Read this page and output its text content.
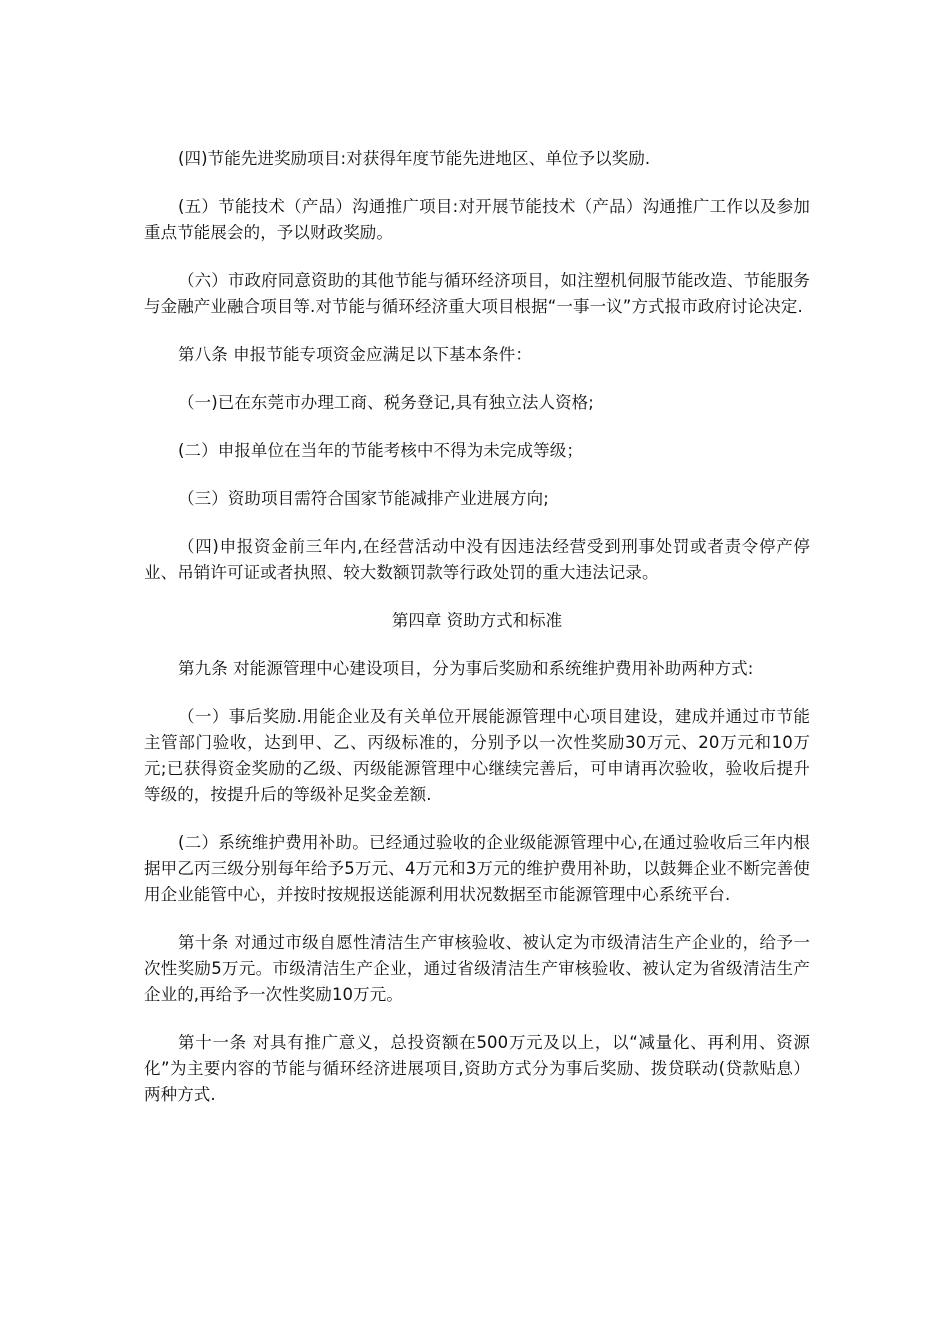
(四)节能先进奖励项目:对获得年度节能先进地区、单位予以奖励.

(五）节能技术（产品）沟通推广项目:对开展节能技术（产品）沟通推广工作以及参加重点节能展会的，予以财政奖励。

（六）市政府同意资助的其他节能与循环经济项目，如注塑机伺服节能改造、节能服务与金融产业融合项目等.对节能与循环经济重大项目根据“一事一议”方式报市政府讨论决定.

第八条 申报节能专项资金应满足以下基本条件：

（一)已在东莞市办理工商、税务登记,具有独立法人资格;

(二）申报单位在当年的节能考核中不得为未完成等级；

（三）资助项目需符合国家节能减排产业进展方向;

（四)申报资金前三年内,在经营活动中没有因违法经营受到刑事处罚或者责令停产停业、吊销许可证或者执照、较大数额罚款等行政处罚的重大违法记录。

第四章 资助方式和标准

第九条 对能源管理中心建设项目，分为事后奖励和系统维护费用补助两种方式:

（一）事后奖励.用能企业及有关单位开展能源管理中心项目建设，建成并通过市节能主管部门验收，达到甲、乙、丙级标准的，分别予以一次性奖励30万元、20万元和10万元;已获得资金奖励的乙级、丙级能源管理中心继续完善后，可申请再次验收，验收后提升等级的，按提升后的等级补足奖金差额.

(二）系统维护费用补助。已经通过验收的企业级能源管理中心,在通过验收后三年内根据甲乙丙三级分别每年给予5万元、4万元和3万元的维护费用补助，以鼓舞企业不断完善使用企业能管中心，并按时按规报送能源利用状况数据至市能源管理中心系统平台.

第十条 对通过市级自愿性清洁生产审核验收、被认定为市级清洁生产企业的，给予一次性奖励5万元。市级清洁生产企业，通过省级清洁生产审核验收、被认定为省级清洁生产企业的,再给予一次性奖励10万元。

第十一条 对具有推广意义，总投资额在500万元及以上，以“减量化、再利用、资源化”为主要内容的节能与循环经济进展项目,资助方式分为事后奖励、拨贷联动(贷款贴息）两种方式.
